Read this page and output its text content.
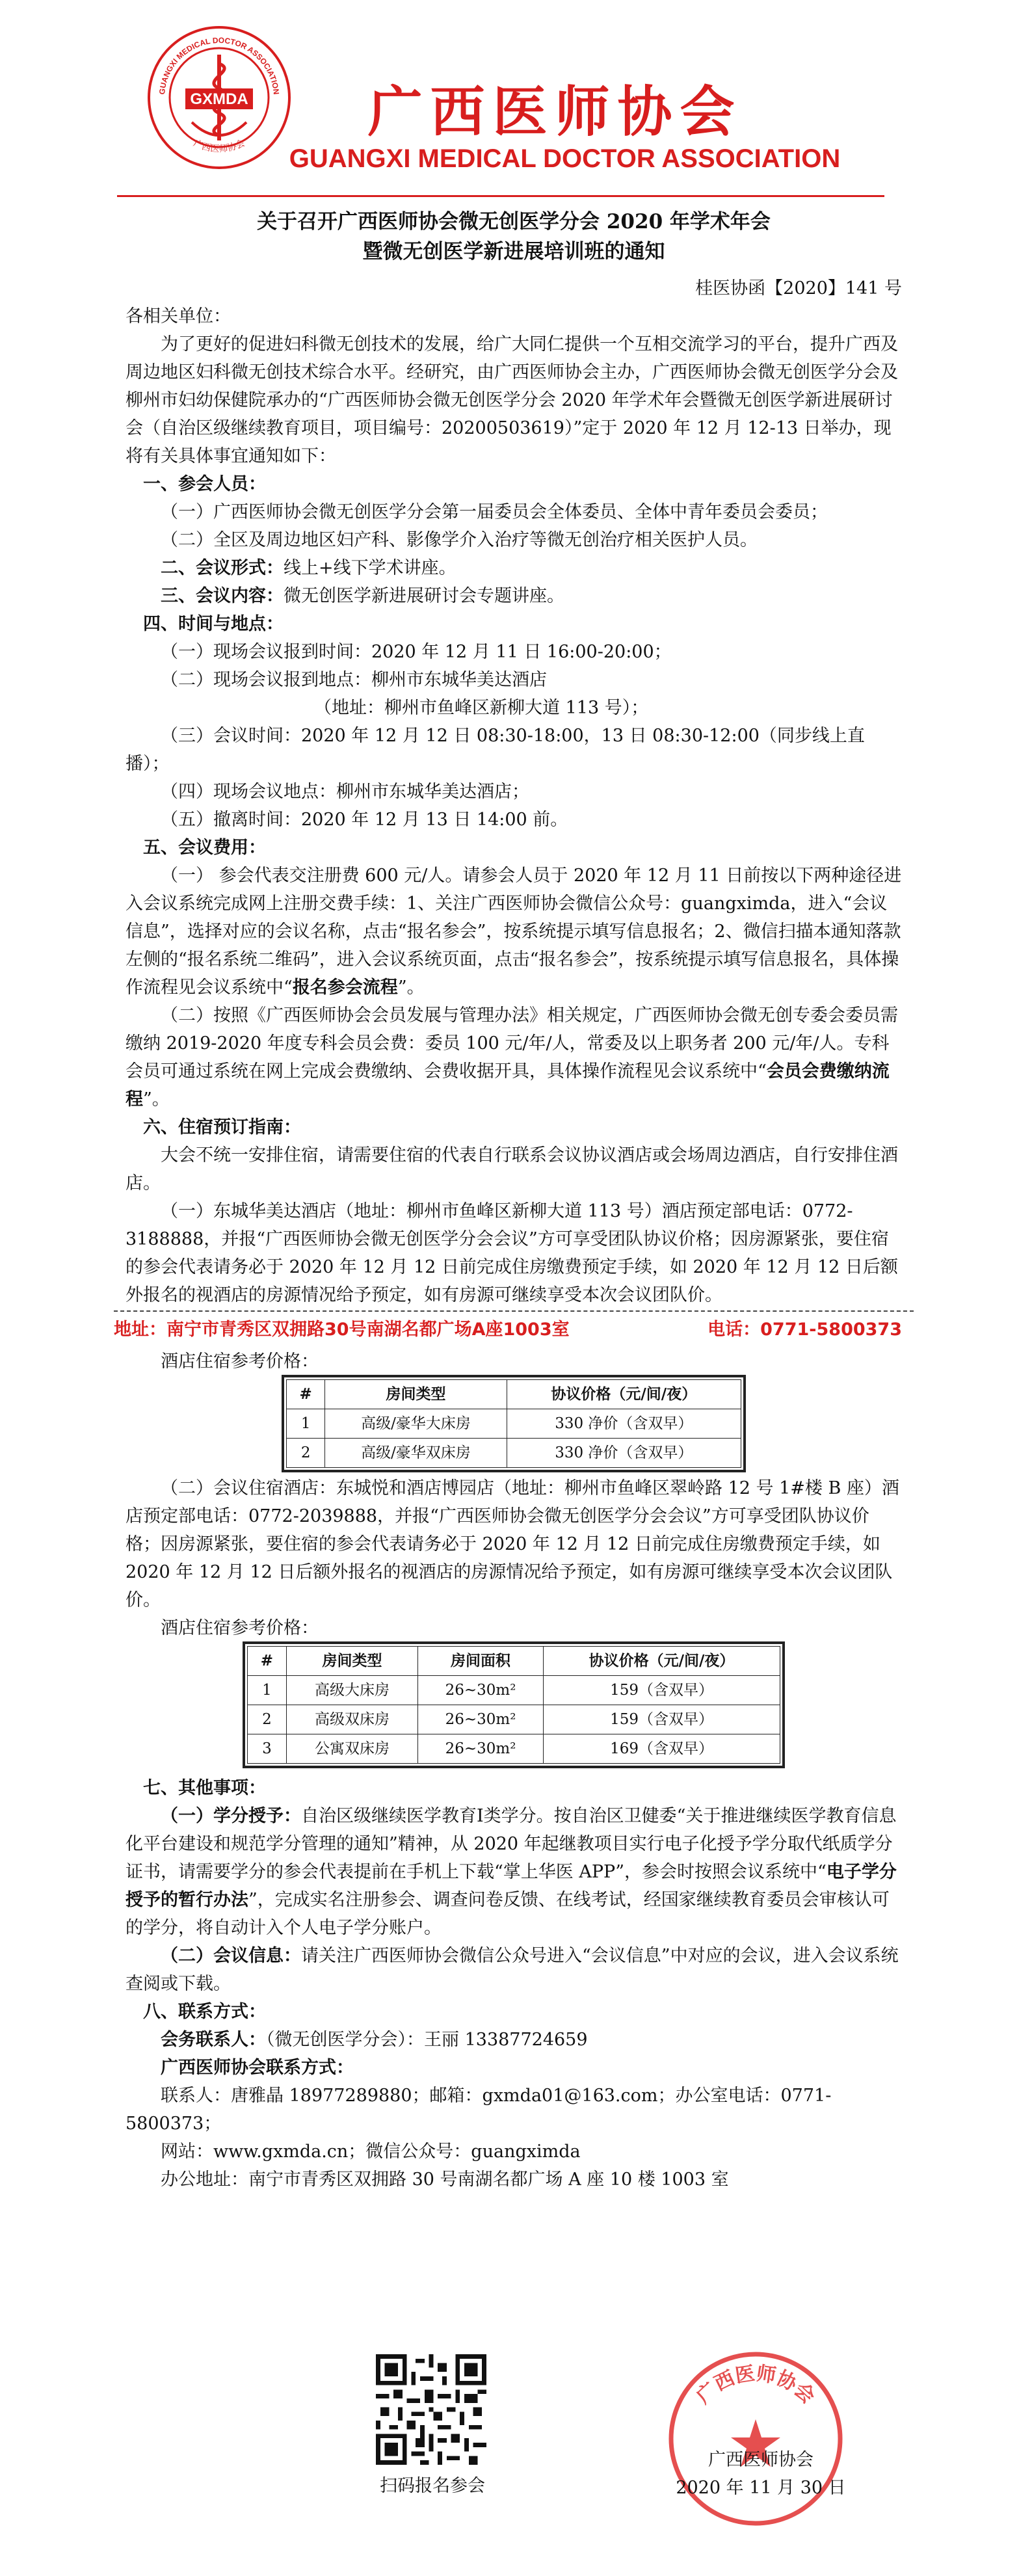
GXMDA
GUANGXI MEDICAL DOCTOR ASSOCIATION
广西医师协会
广西医师协会
GUANGXI MEDICAL DOCTOR ASSOCIATION
关于召开广西医师协会微无创医学分会 2020 年学术年会
暨微无创医学新进展培训班的通知
桂医协函【2020】141 号

各相关单位：

为了更好的促进妇科微无创技术的发展，给广大同仁提供一个互相交流学习的平台，提升广西及周边地区妇科微无创技术综合水平。经研究，由广西医师协会主办，广西医师协会微无创医学分会及柳州市妇幼保健院承办的“广西医师协会微无创医学分会 2020 年学术年会暨微无创医学新进展研讨会（自治区级继续教育项目，项目编号：20200503619）”定于 2020 年 12 月 12-13 日举办，现将有关具体事宜通知如下：

一、参会人员：

（一）广西医师协会微无创医学分会第一届委员会全体委员、全体中青年委员会委员；

（二）全区及周边地区妇产科、影像学介入治疗等微无创治疗相关医护人员。

二、会议形式：线上+线下学术讲座。

三、会议内容：微无创医学新进展研讨会专题讲座。

四、时间与地点：

（一）现场会议报到时间：2020 年 12 月 11 日 16:00-20:00；

（二）现场会议报到地点：柳州市东城华美达酒店

（地址：柳州市鱼峰区新柳大道 113 号）；

（三）会议时间：2020 年 12 月 12 日 08:30-18:00，13 日 08:30-12:00（同步线上直播）；

（四）现场会议地点：柳州市东城华美达酒店；

（五）撤离时间：2020 年 12 月 13 日 14:00 前。

五、会议费用：

（一） 参会代表交注册费 600 元/人。请参会人员于 2020 年 12 月 11 日前按以下两种途径进入会议系统完成网上注册交费手续：1、关注广西医师协会微信公众号：guangximda，进入“会议信息”，选择对应的会议名称，点击“报名参会”，按系统提示填写信息报名；2、微信扫描本通知落款左侧的“报名系统二维码”，进入会议系统页面，点击“报名参会”，按系统提示填写信息报名，具体操作流程见会议系统中“报名参会流程”。

（二）按照《广西医师协会会员发展与管理办法》相关规定，广西医师协会微无创专委会委员需缴纳 2019-2020 年度专科会员会费：委员 100 元/年/人，常委及以上职务者 200 元/年/人。专科会员可通过系统在网上完成会费缴纳、会费收据开具，具体操作流程见会议系统中“会员会费缴纳流程”。

六、住宿预订指南：

大会不统一安排住宿，请需要住宿的代表自行联系会议协议酒店或会场周边酒店，自行安排住酒店。

（一）东城华美达酒店（地址：柳州市鱼峰区新柳大道 113 号）酒店预定部电话：0772-3188888，并报“广西医师协会微无创医学分会会议”方可享受团队协议价格；因房源紧张，要住宿的参会代表请务必于 2020 年 12 月 12 日前完成住房缴费预定手续，如 2020 年 12 月 12 日后额外报名的视酒店的房源情况给予预定，如有房源可继续享受本次会议团队价。

地址：南宁市青秀区双拥路30号南湖名都广场A座1003室	电话：0771-5800373

酒店住宿参考价格：

#	房间类型	协议价格（元/间/夜）
1	高级/豪华大床房	330 净价（含双早）
2	高级/豪华双床房	330 净价（含双早）

（二）会议住宿酒店：东城悦和酒店博园店（地址：柳州市鱼峰区翠岭路 12 号 1#楼 B 座）酒店预定部电话：0772-2039888，并报“广西医师协会微无创医学分会会议”方可享受团队协议价格；因房源紧张，要住宿的参会代表请务必于 2020 年 12 月 12 日前完成住房缴费预定手续，如 2020 年 12 月 12 日后额外报名的视酒店的房源情况给予预定，如有房源可继续享受本次会议团队价。

酒店住宿参考价格：

#	房间类型	房间面积	协议价格（元/间/夜）
1	高级大床房	26~30m²	159（含双早）
2	高级双床房	26~30m²	159（含双早）
3	公寓双床房	26~30m²	169（含双早）

七、其他事项：

（一）学分授予：自治区级继续医学教育Ⅰ类学分。按自治区卫健委“关于推进继续医学教育信息化平台建设和规范学分管理的通知”精神，从 2020 年起继教项目实行电子化授予学分取代纸质学分证书，请需要学分的参会代表提前在手机上下载“掌上华医 APP”，参会时按照会议系统中“电子学分授予的暂行办法”，完成实名注册参会、调查问卷反馈、在线考试，经国家继续教育委员会审核认可的学分，将自动计入个人电子学分账户。

（二）会议信息：请关注广西医师协会微信公众号进入“会议信息”中对应的会议，进入会议系统查阅或下载。

八、联系方式：

会务联系人：（微无创医学分会）：王丽 13387724659

广西医师协会联系方式：

联系人：唐雅晶 18977289880；邮箱：gxmda01@163.com；办公室电话：0771-5800373；

网站：www.gxmda.cn；微信公众号：guangximda

办公地址：南宁市青秀区双拥路 30 号南湖名都广场 A 座 10 楼 1003 室

扫码报名参会
广西医师协会
广西医师协会
2020 年 11 月 30 日
